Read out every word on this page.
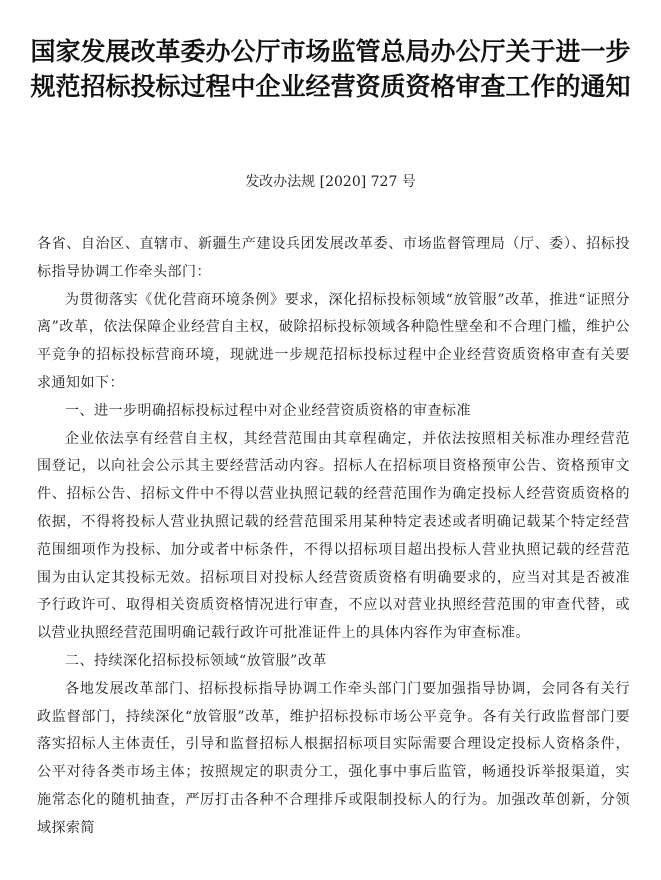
国家发展改革委办公厅市场监管总局办公厅关于进一步规范招标投标过程中企业经营资质资格审查工作的通知
发改办法规 [2020] 727 号

各省、自治区、直辖市、新疆生产建设兵团发展改革委、市场监督管理局（厅、委）、招标投标指导协调工作牵头部门：

为贯彻落实《优化营商环境条例》要求，深化招标投标领域“放管服”改革，推进“证照分离”改革，依法保障企业经营自主权，破除招标投标领域各种隐性壁垒和不合理门槛，维护公平竞争的招标投标营商环境，现就进一步规范招标投标过程中企业经营资质资格审查有关要求通知如下：

一、进一步明确招标投标过程中对企业经营资质资格的审查标准

企业依法享有经营自主权，其经营范围由其章程确定，并依法按照相关标准办理经营范围登记，以向社会公示其主要经营活动内容。招标人在招标项目资格预审公告、资格预审文件、招标公告、招标文件中不得以营业执照记载的经营范围作为确定投标人经营资质资格的依据，不得将投标人营业执照记载的经营范围采用某种特定表述或者明确记载某个特定经营范围细项作为投标、加分或者中标条件，不得以招标项目超出投标人营业执照记载的经营范围为由认定其投标无效。招标项目对投标人经营资质资格有明确要求的，应当对其是否被准予行政许可、取得相关资质资格情况进行审查，不应以对营业执照经营范围的审查代替，或以营业执照经营范围明确记载行政许可批准证件上的具体内容作为审查标准。

二、持续深化招标投标领域“放管服”改革

各地发展改革部门、招标投标指导协调工作牵头部门门要加强指导协调，会同各有关行政监督部门，持续深化“放管服”改革，维护招标投标市场公平竞争。各有关行政监督部门要落实招标人主体责任，引导和监督招标人根据招标项目实际需要合理设定投标人资格条件，公平对待各类市场主体；按照规定的职责分工，强化事中事后监管，畅通投诉举报渠道，实施常态化的随机抽查，严厉打击各种不合理排斥或限制投标人的行为。加强改革创新，分领域探索简
